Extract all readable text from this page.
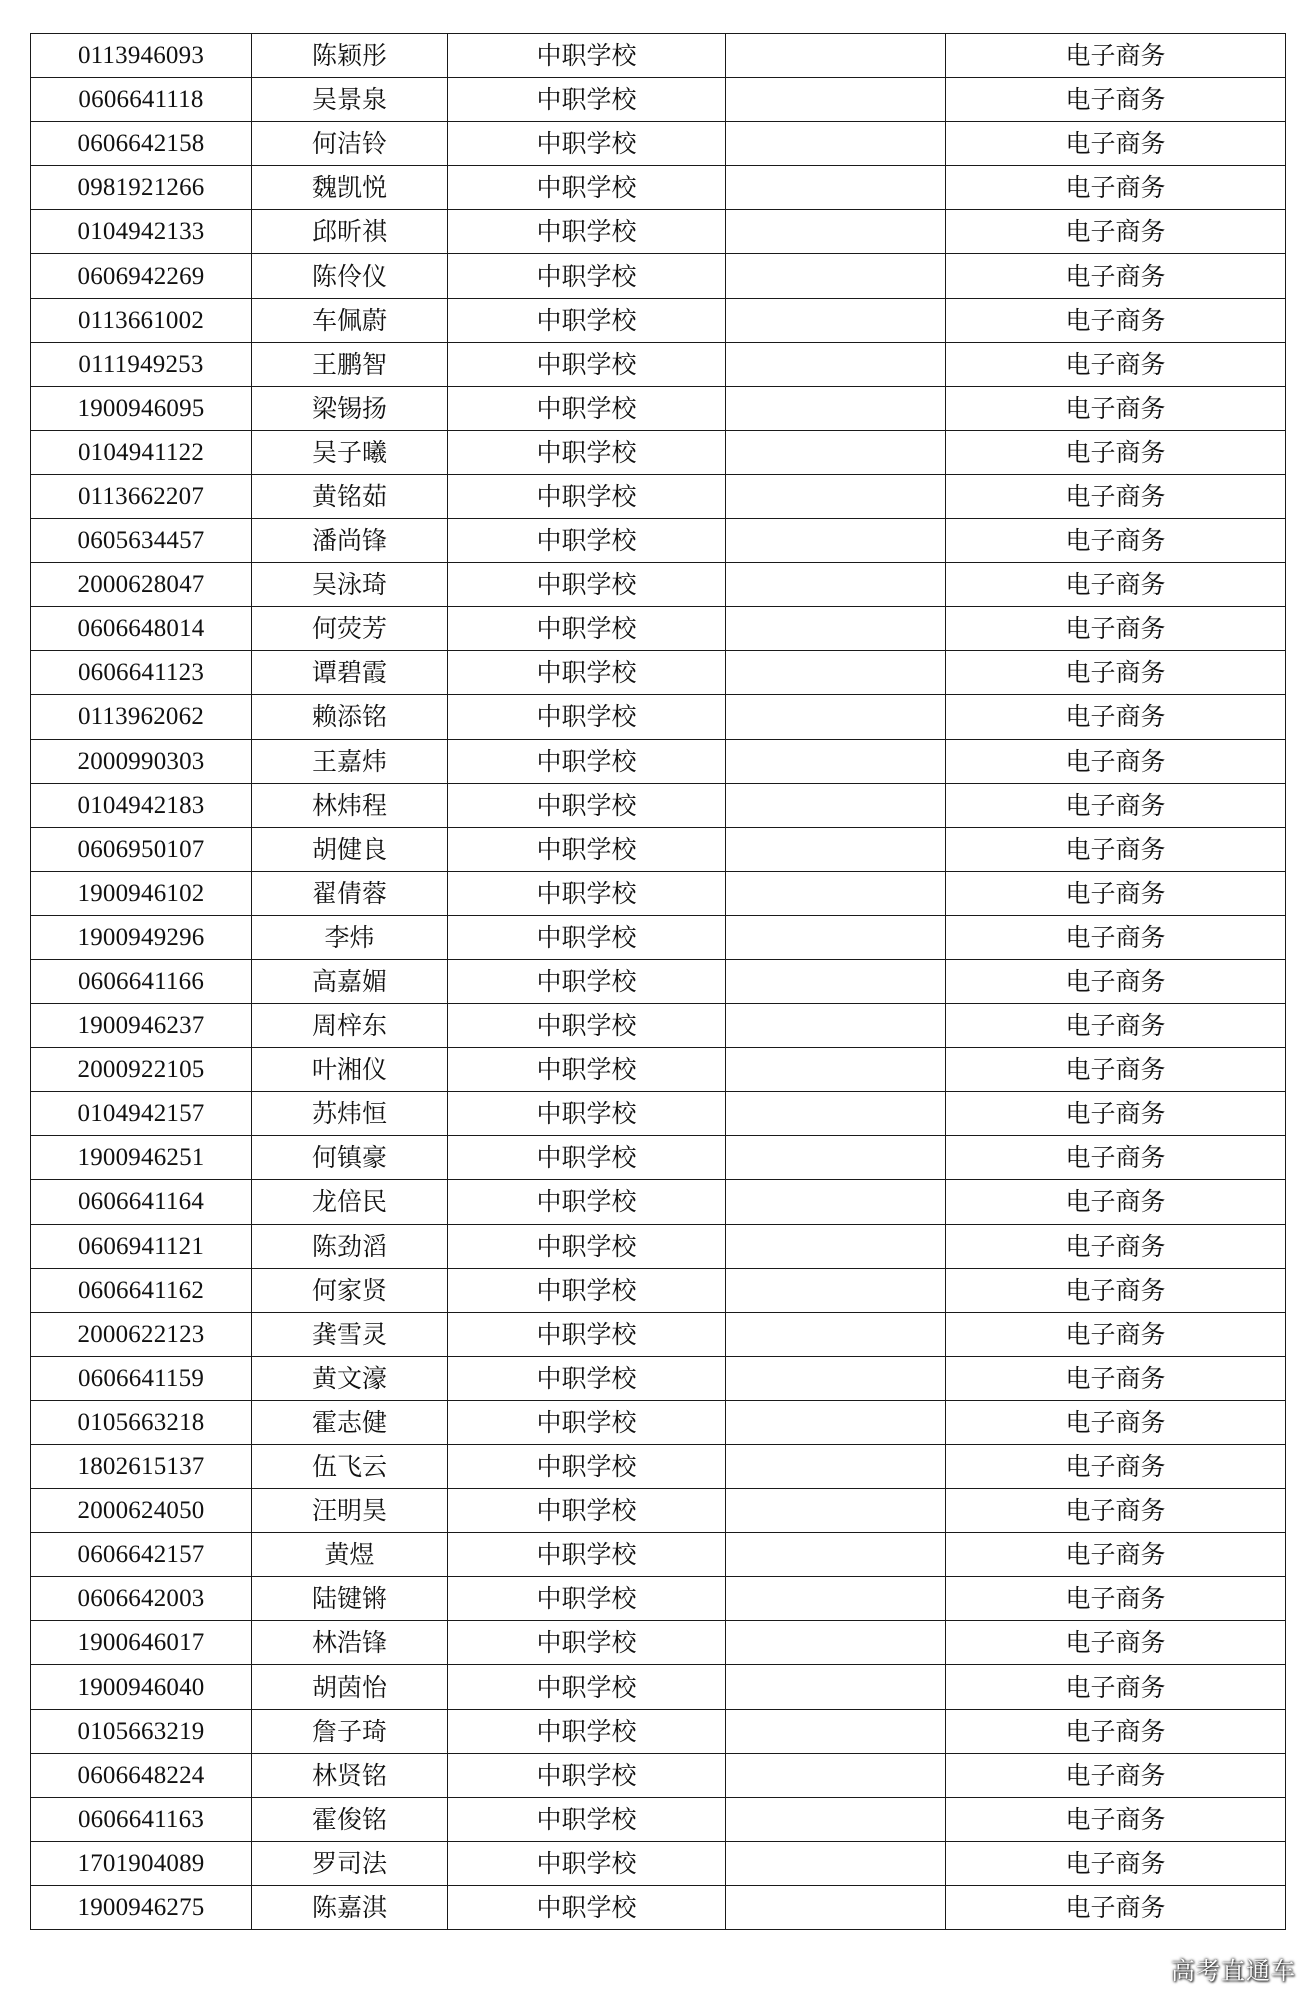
0113946093	陈颖彤	中职学校		电子商务
0606641118	吴景泉	中职学校		电子商务
0606642158	何洁铃	中职学校		电子商务
0981921266	魏凯悦	中职学校		电子商务
0104942133	邱昕祺	中职学校		电子商务
0606942269	陈伶仪	中职学校		电子商务
0113661002	车佩蔚	中职学校		电子商务
0111949253	王鹏智	中职学校		电子商务
1900946095	梁锡扬	中职学校		电子商务
0104941122	吴子曦	中职学校		电子商务
0113662207	黄铭茹	中职学校		电子商务
0605634457	潘尚锋	中职学校		电子商务
2000628047	吴泳琦	中职学校		电子商务
0606648014	何荧芳	中职学校		电子商务
0606641123	谭碧霞	中职学校		电子商务
0113962062	赖添铭	中职学校		电子商务
2000990303	王嘉炜	中职学校		电子商务
0104942183	林炜程	中职学校		电子商务
0606950107	胡健良	中职学校		电子商务
1900946102	翟倩蓉	中职学校		电子商务
1900949296	李炜	中职学校		电子商务
0606641166	高嘉媚	中职学校		电子商务
1900946237	周梓东	中职学校		电子商务
2000922105	叶湘仪	中职学校		电子商务
0104942157	苏炜恒	中职学校		电子商务
1900946251	何镇豪	中职学校		电子商务
0606641164	龙倍民	中职学校		电子商务
0606941121	陈劲滔	中职学校		电子商务
0606641162	何家贤	中职学校		电子商务
2000622123	龚雪灵	中职学校		电子商务
0606641159	黄文濠	中职学校		电子商务
0105663218	霍志健	中职学校		电子商务
1802615137	伍飞云	中职学校		电子商务
2000624050	汪明昊	中职学校		电子商务
0606642157	黄煜	中职学校		电子商务
0606642003	陆键锵	中职学校		电子商务
1900646017	林浩锋	中职学校		电子商务
1900946040	胡茵怡	中职学校		电子商务
0105663219	詹子琦	中职学校		电子商务
0606648224	林贤铭	中职学校		电子商务
0606641163	霍俊铭	中职学校		电子商务
1701904089	罗司法	中职学校		电子商务
1900946275	陈嘉淇	中职学校		电子商务
高考直通车
